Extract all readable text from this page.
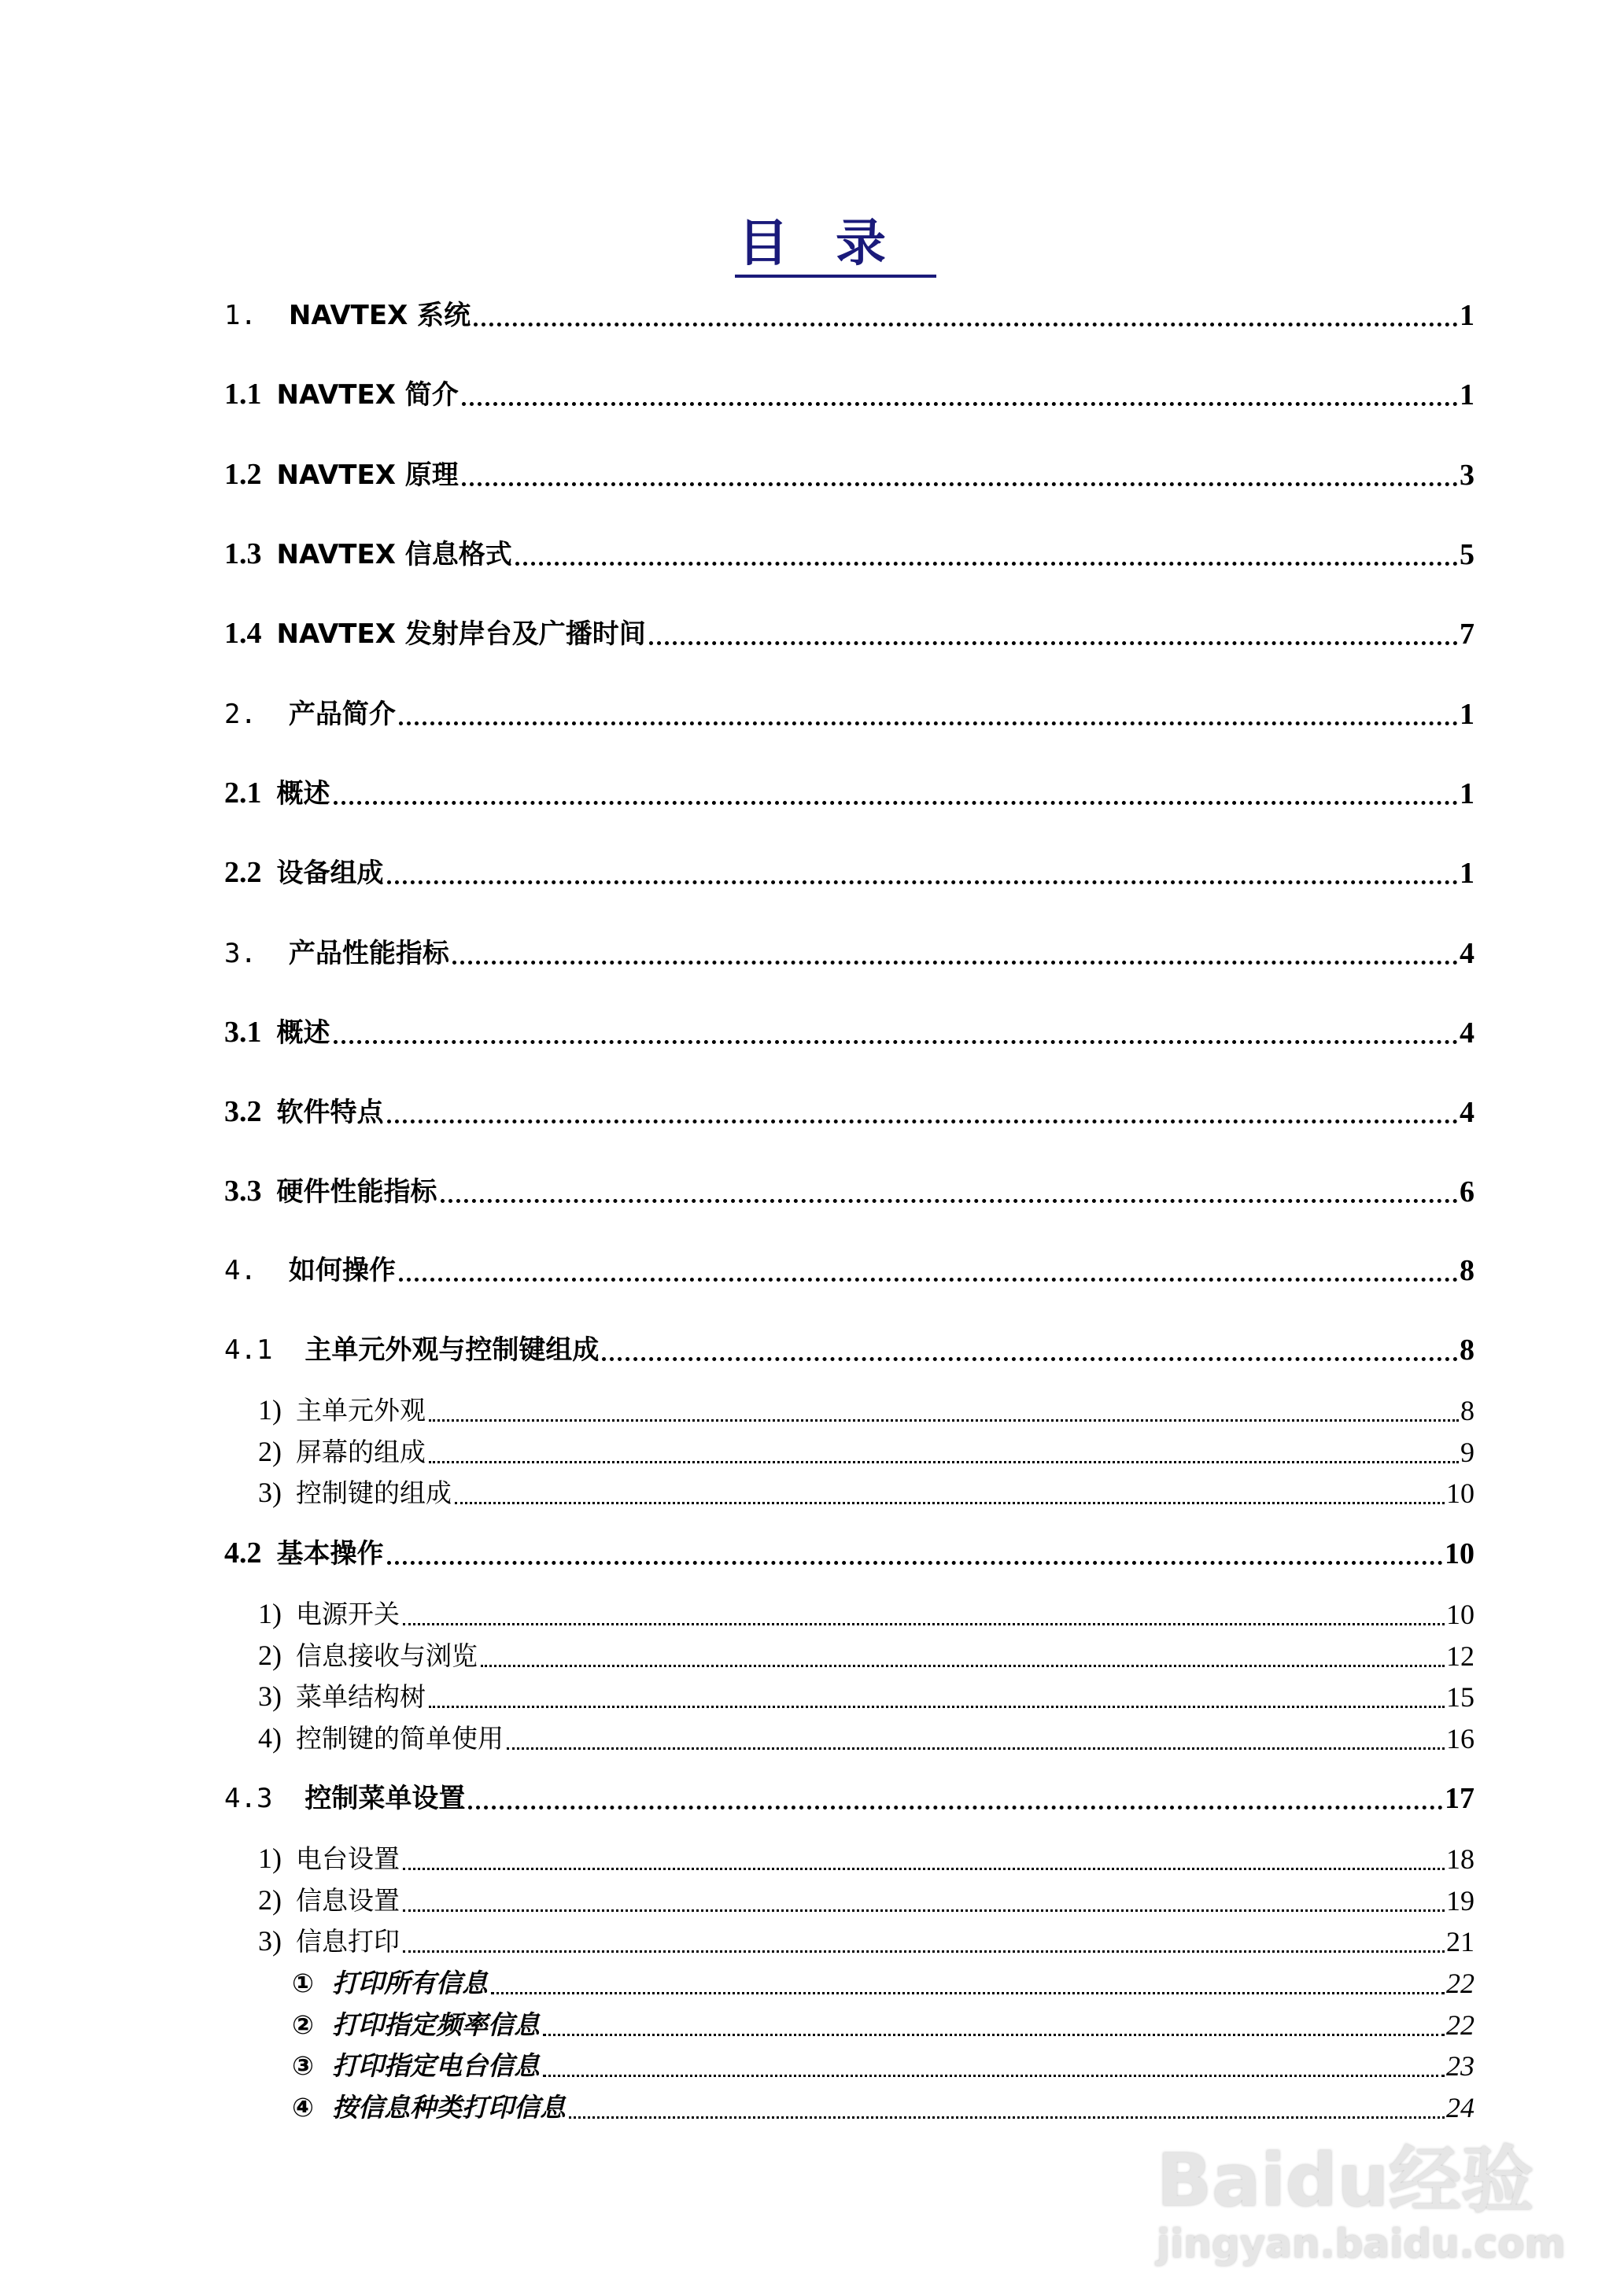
目录
1. NAVTEX 系统	1
1.1 NAVTEX 简介	1
1.2 NAVTEX 原理	3
1.3 NAVTEX 信息格式	5
1.4 NAVTEX 发射岸台及广播时间	7
2. 产品简介	1
2.1 概述	1
2.2 设备组成	1
3. 产品性能指标	4
3.1 概述	4
3.2 软件特点	4
3.3 硬件性能指标	6
4. 如何操作	8
4.1 主单元外观与控制键组成	8
1) 主单元外观	8
2) 屏幕的组成	9
3) 控制键的组成	10
4.2 基本操作	10
1) 电源开关	10
2) 信息接收与浏览	12
3) 菜单结构树	15
4) 控制键的简单使用	16
4.3 控制菜单设置	17
1) 电台设置	18
2) 信息设置	19
3) 信息打印	21
① 打印所有信息	22
② 打印指定频率信息	22
③ 打印指定电台信息	23
④ 按信息种类打印信息	24
Baidu经验
jingyan.baidu.com
